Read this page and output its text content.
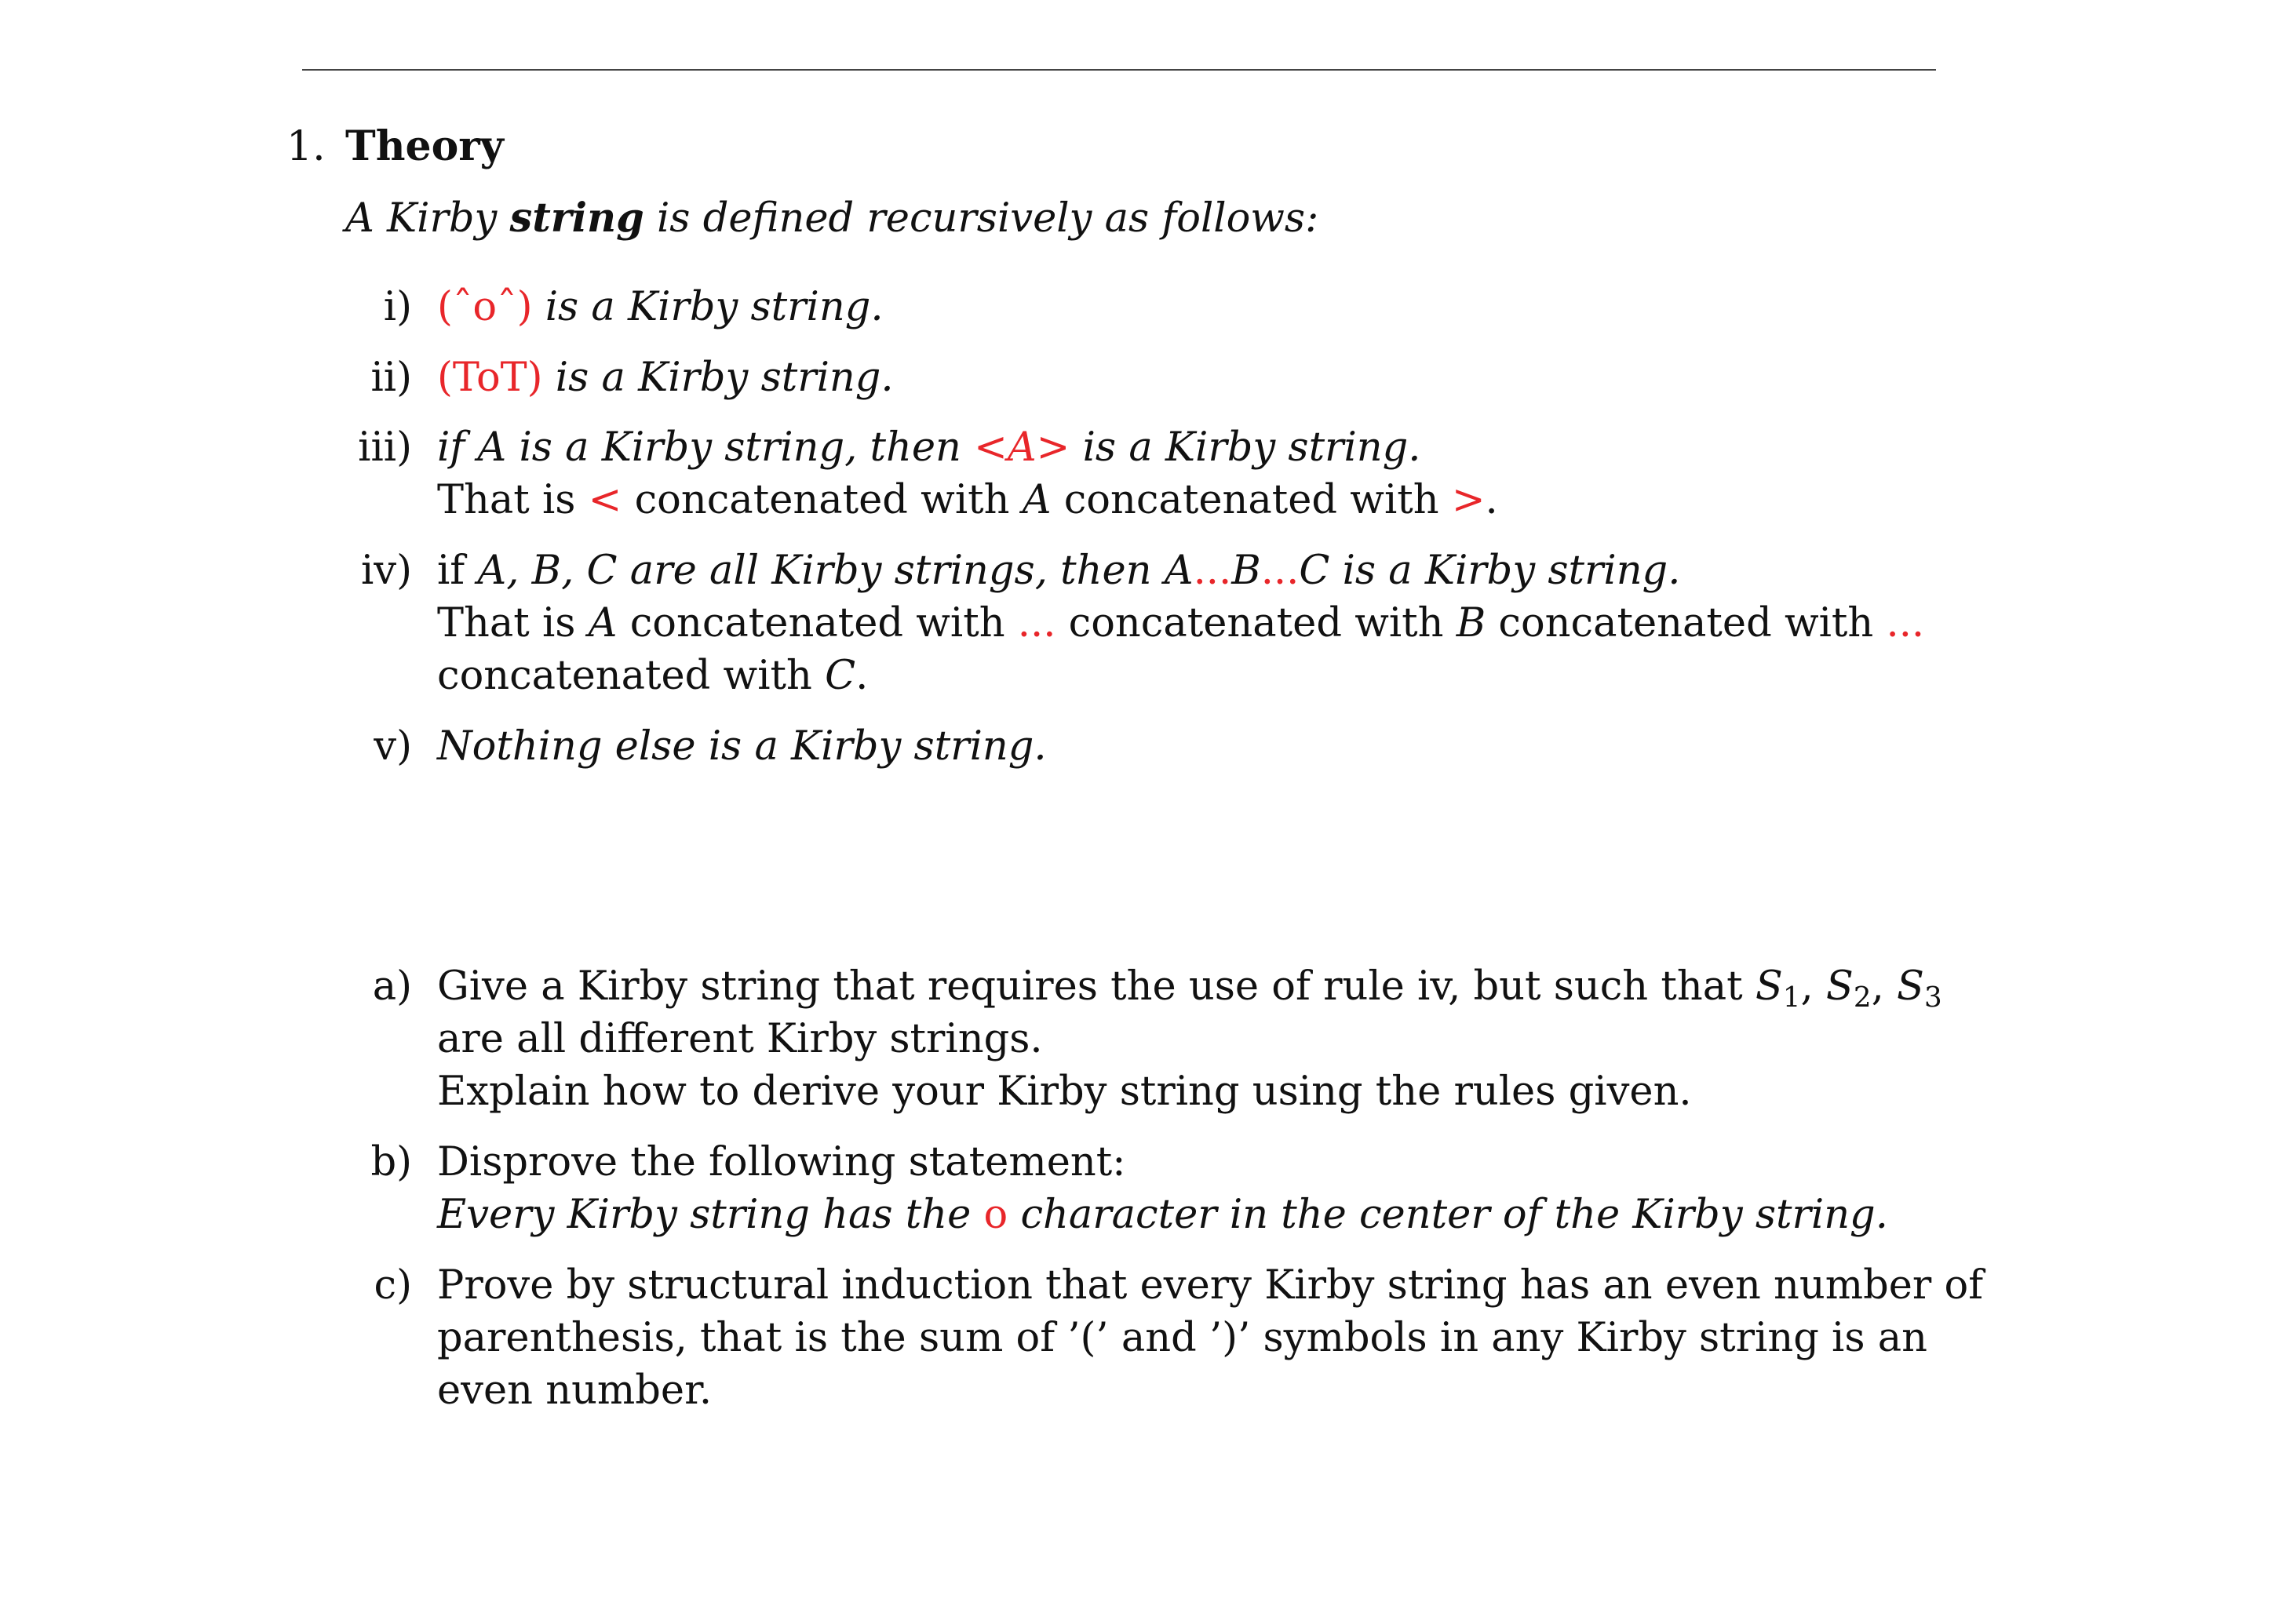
1. Theory
A Kirby string is defined recursively as follows:
i) (ˆoˆ) is a Kirby string.
ii) (ToT) is a Kirby string.
iii) if A is a Kirby string, then <A> is a Kirby string.
That is < concatenated with A concatenated with >.
iv) if A, B, C are all Kirby strings, then A...B...C is a Kirby string.
That is A concatenated with ... concatenated with B concatenated with ...
concatenated with C.
v) Nothing else is a Kirby string.
a) Give a Kirby string that requires the use of rule iv, but such that $S_1$, $S_2$, $S_3$
are all different Kirby strings.
Explain how to derive your Kirby string using the rules given.
b) Disprove the following statement:
Every Kirby string has the o character in the center of the Kirby string.
c) Prove by structural induction that every Kirby string has an even number of
parenthesis, that is the sum of ’(’ and ’)’ symbols in any Kirby string is an
even number.
